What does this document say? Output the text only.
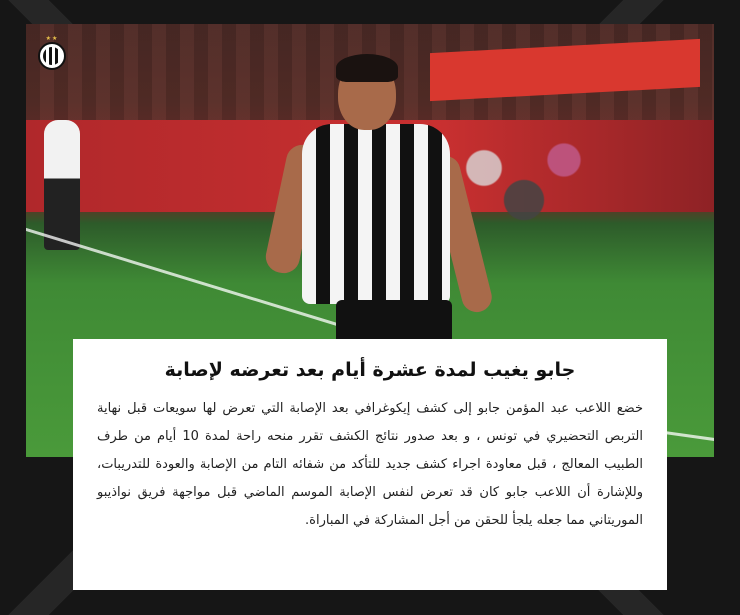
★★
جابو يغيب لمدة عشرة أيام بعد تعرضه لإصابة

خضع اللاعب عبد المؤمن جابو إلى كشف إيكوغرافي بعد الإصابة التي تعرض لها سويعات قبل نهاية التربص التحضيري في تونس ، و بعد صدور نتائج الكشف تقرر منحه راحة لمدة 10 أيام من طرف الطبيب المعالج ، قبل معاودة اجراء كشف جديد للتأكد من شفائه التام من الإصابة والعودة للتدريبات، وللإشارة أن اللاعب جابو كان قد تعرض لنفس الإصابة الموسم الماضي قبل مواجهة فريق نواذيبو الموريتاني مما جعله يلجأ للحقن من أجل المشاركة في المباراة.
